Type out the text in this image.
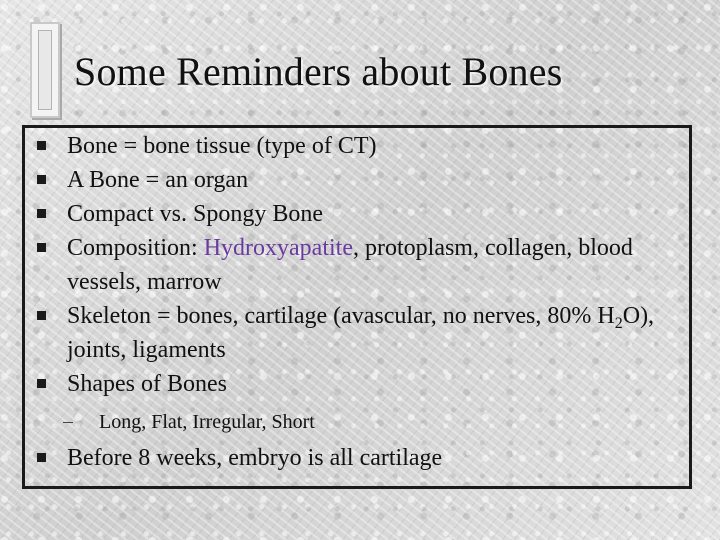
Some Reminders about Bones
Bone = bone tissue (type of CT)
A Bone = an organ
Compact vs. Spongy Bone
Composition: Hydroxyapatite, protoplasm, collagen, blood vessels, marrow
Skeleton = bones, cartilage (avascular, no nerves, 80% $H_2O$), joints, ligaments
Shapes of Bones
Long, Flat, Irregular, Short
Before 8 weeks, embryo is all cartilage
